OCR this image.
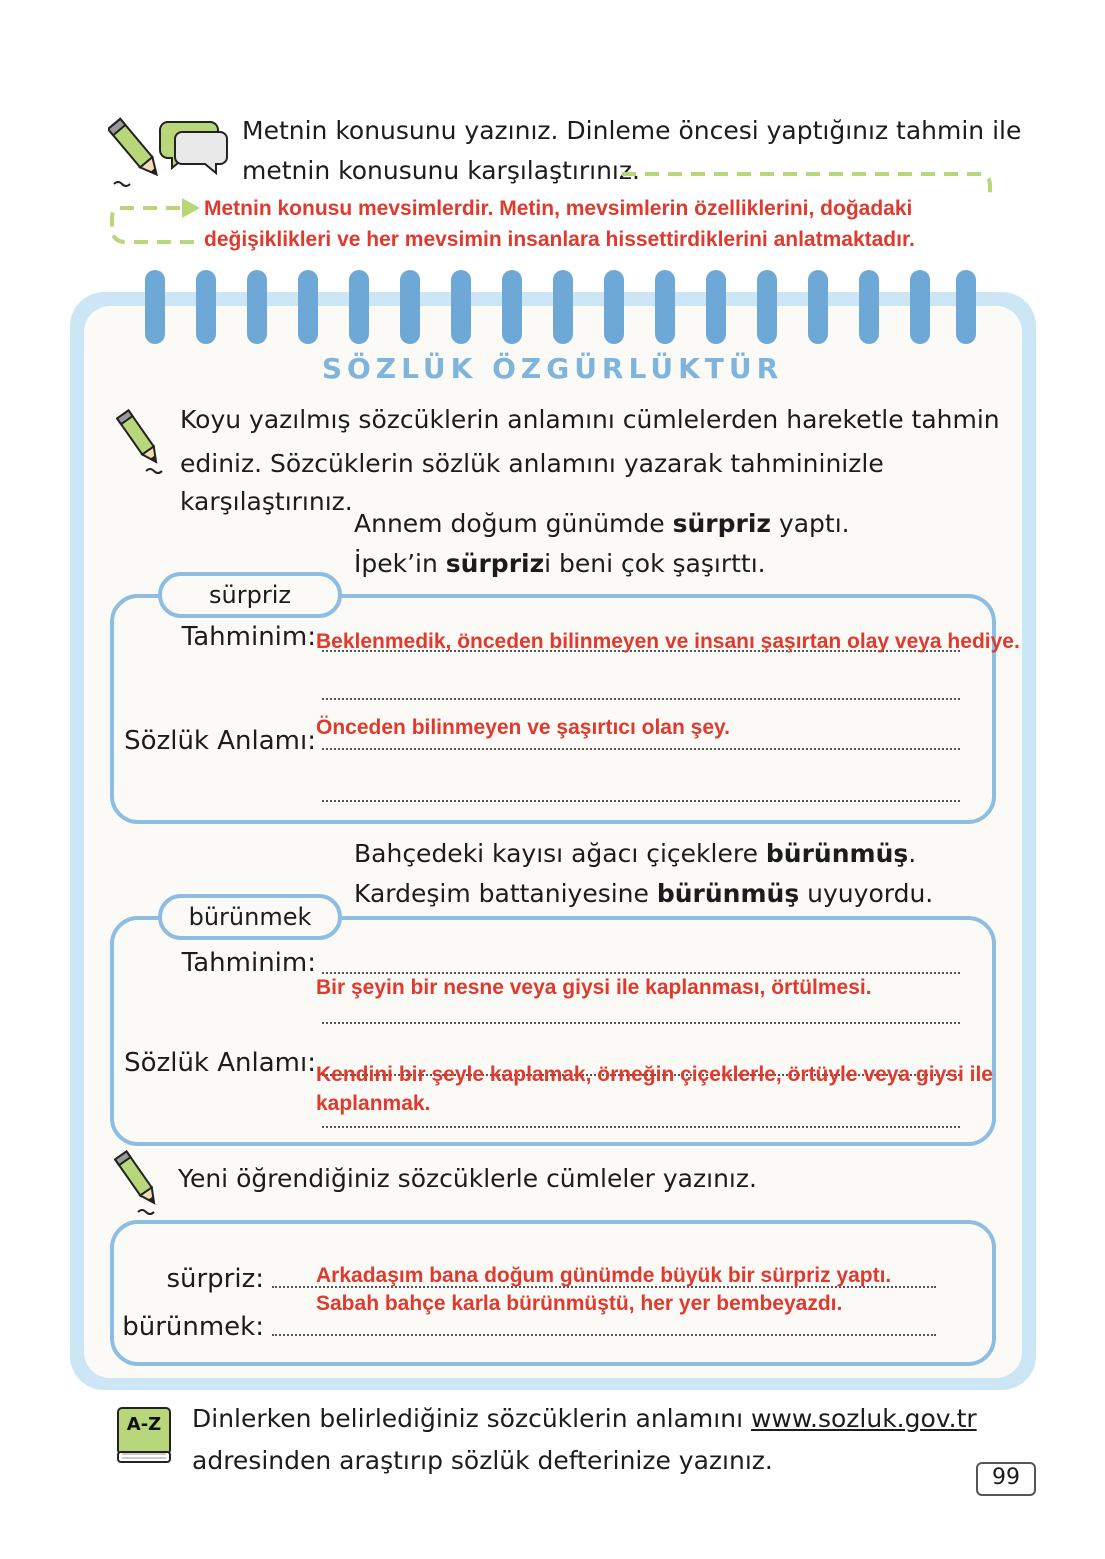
Metnin konusunu yazınız. Dinleme öncesi yaptığınız tahmin ile
metnin konusunu karşılaştırınız.
Metnin konusu mevsimlerdir. Metin, mevsimlerin özelliklerini, doğadaki
değişiklikleri ve her mevsimin insanlara hissettirdiklerini anlatmaktadır.
SÖZLÜK ÖZGÜRLÜKTÜR
Koyu yazılmış sözcüklerin anlamını cümlelerden hareketle tahmin
ediniz. Sözcüklerin sözlük anlamını yazarak tahmininizle karşılaştırınız.
Annem doğum günümde sürpriz yaptı.
İpek’in sürprizi beni çok şaşırttı.
sürpriz
Tahminim: Beklenmedik, önceden bilinmeyen ve insanı şaşırtan olay veya hediye.
Sözlük Anlamı: Önceden bilinmeyen ve şaşırtıcı olan şey.
Bahçedeki kayısı ağacı çiçeklere bürünmüş.
Kardeşim battaniyesine bürünmüş uyuyordu.
bürünmek
Tahminim:
Bir şeyin bir nesne veya giysi ile kaplanması, örtülmesi.
Sözlük Anlamı: Kendini bir şeyle kaplamak, örneğin çiçeklerle, örtüyle veya giysi ile
kaplanmak.
Yeni öğrendiğiniz sözcüklerle cümleler yazınız.
sürpriz: Arkadaşım bana doğum günümde büyük bir sürpriz yaptı.
Sabah bahçe karla bürünmüştü, her yer bembeyazdı.
bürünmek:
A-Z	Dinlerken belirlediğiniz sözcüklerin anlamını www.sozluk.gov.tr
adresinden araştırıp sözlük defterinize yazınız.
99
